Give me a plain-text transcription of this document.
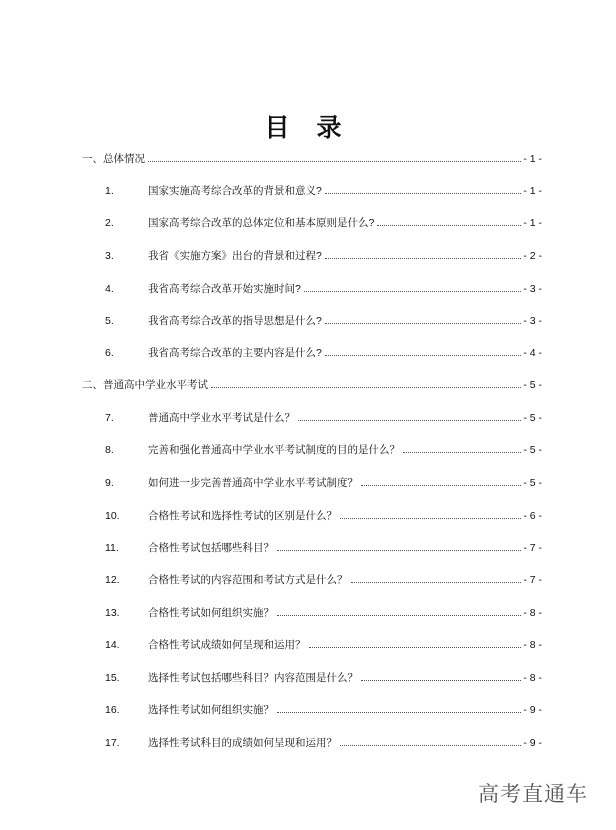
目 录
一、总体情况	- 1 -
1.	国家实施高考综合改革的背景和意义?	- 1 -
2.	国家高考综合改革的总体定位和基本原则是什么?	- 1 -
3.	我省《实施方案》出台的背景和过程?	- 2 -
4.	我省高考综合改革开始实施时间?	- 3 -
5.	我省高考综合改革的指导思想是什么?	- 3 -
6.	我省高考综合改革的主要内容是什么?	- 4 -
二、普通高中学业水平考试	- 5 -
7.	普通高中学业水平考试是什么？	- 5 -
8.	完善和强化普通高中学业水平考试制度的目的是什么？	- 5 -
9.	如何进一步完善普通高中学业水平考试制度？	- 5 -
10.	合格性考试和选择性考试的区别是什么？	- 6 -
11.	合格性考试包括哪些科目？	- 7 -
12.	合格性考试的内容范围和考试方式是什么？	- 7 -
13.	合格性考试如何组织实施？	- 8 -
14.	合格性考试成绩如何呈现和运用？	- 8 -
15.	选择性考试包括哪些科目？内容范围是什么？	- 8 -
16.	选择性考试如何组织实施？	- 9 -
17.	选择性考试科目的成绩如何呈现和运用？	- 9 -
高考直通车
